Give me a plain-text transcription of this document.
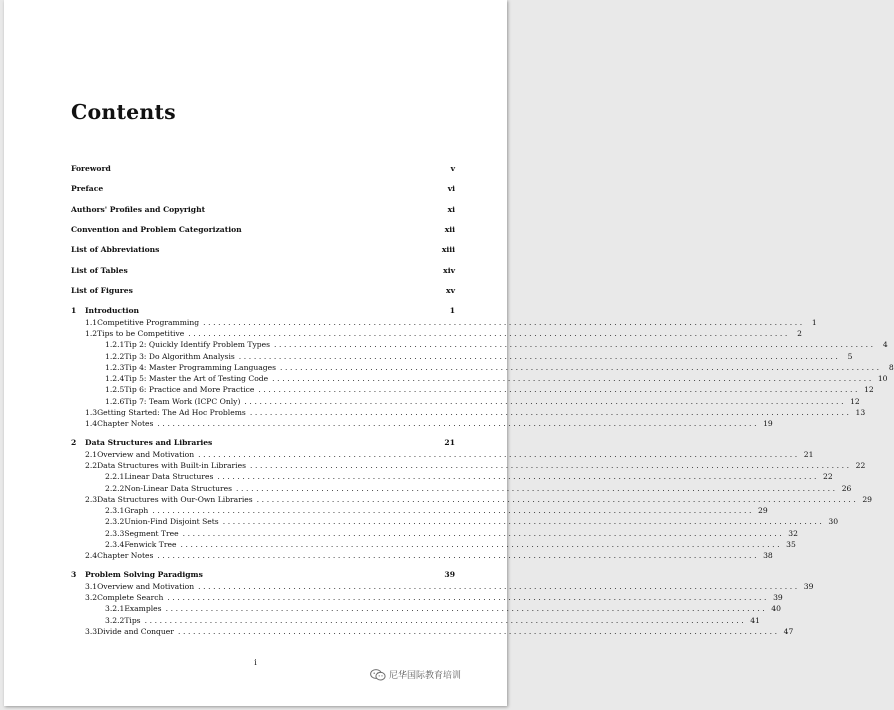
Contents
Foreword	v
Preface	vi
Authors' Profiles and Copyright	xi
Convention and Problem Categorization	xii
List of Abbreviations	xiii
List of Tables	xiv
List of Figures	xv
1	Introduction	1
1.1 Competitive Programming ........................................................................................................................ 1
1.2 Tips to be Competitive ........................................................................................................................ 2
1.2.1 Tip 2: Quickly Identify Problem Types ........................................................................................................................ 4
1.2.2 Tip 3: Do Algorithm Analysis ........................................................................................................................ 5
1.2.3 Tip 4: Master Programming Languages ........................................................................................................................ 8
1.2.4 Tip 5: Master the Art of Testing Code ........................................................................................................................ 10
1.2.5 Tip 6: Practice and More Practice ........................................................................................................................ 12
1.2.6 Tip 7: Team Work (ICPC Only) ........................................................................................................................ 12
1.3 Getting Started: The Ad Hoc Problems ........................................................................................................................ 13
1.4 Chapter Notes ........................................................................................................................ 19
2	Data Structures and Libraries	21
2.1 Overview and Motivation ........................................................................................................................ 21
2.2 Data Structures with Built-in Libraries ........................................................................................................................ 22
2.2.1 Linear Data Structures ........................................................................................................................ 22
2.2.2 Non-Linear Data Structures ........................................................................................................................ 26
2.3 Data Structures with Our-Own Libraries ........................................................................................................................ 29
2.3.1 Graph ........................................................................................................................ 29
2.3.2 Union-Find Disjoint Sets ........................................................................................................................ 30
2.3.3 Segment Tree ........................................................................................................................ 32
2.3.4 Fenwick Tree ........................................................................................................................ 35
2.4 Chapter Notes ........................................................................................................................ 38
3	Problem Solving Paradigms	39
3.1 Overview and Motivation ........................................................................................................................ 39
3.2 Complete Search ........................................................................................................................ 39
3.2.1 Examples ........................................................................................................................ 40
3.2.2 Tips ........................................................................................................................ 41
3.3 Divide and Conquer ........................................................................................................................ 47
i
尼华国际教育培训
